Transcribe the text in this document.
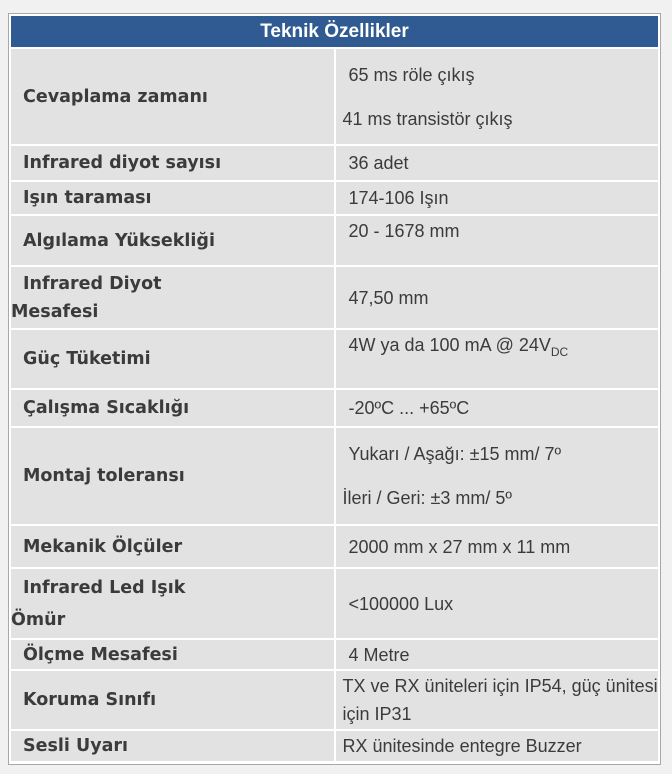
Teknik Özellikler	
Cevaplama zamanı	65 ms röle çıkış
41 ms transistör çıkış

Infrared diyot sayısı	36 adet

Işın taraması	174-106 Işın

Algılama Yüksekliği	20 - 1678 mm

Infrared Diyot
Mesafesi	47,50 mm

Güç Tüketimi	4W ya da 100 mA @ $24V_{DC}$

Çalışma Sıcaklığı	-20ºC ... +65ºC

Montaj toleransı	Yukarı / Aşağı: ±15 mm/ 7º
İleri / Geri: ±3 mm/ 5º

Mekanik Ölçüler	2000 mm x 27 mm x 11 mm

Infrared Led Işık
Ömür	<100000 Lux

Ölçme Mesafesi	4 Metre

Koruma Sınıfı	TX ve RX üniteleri için IP54, güç ünitesi için IP31

Sesli Uyarı	RX ünitesinde entegre Buzzer
